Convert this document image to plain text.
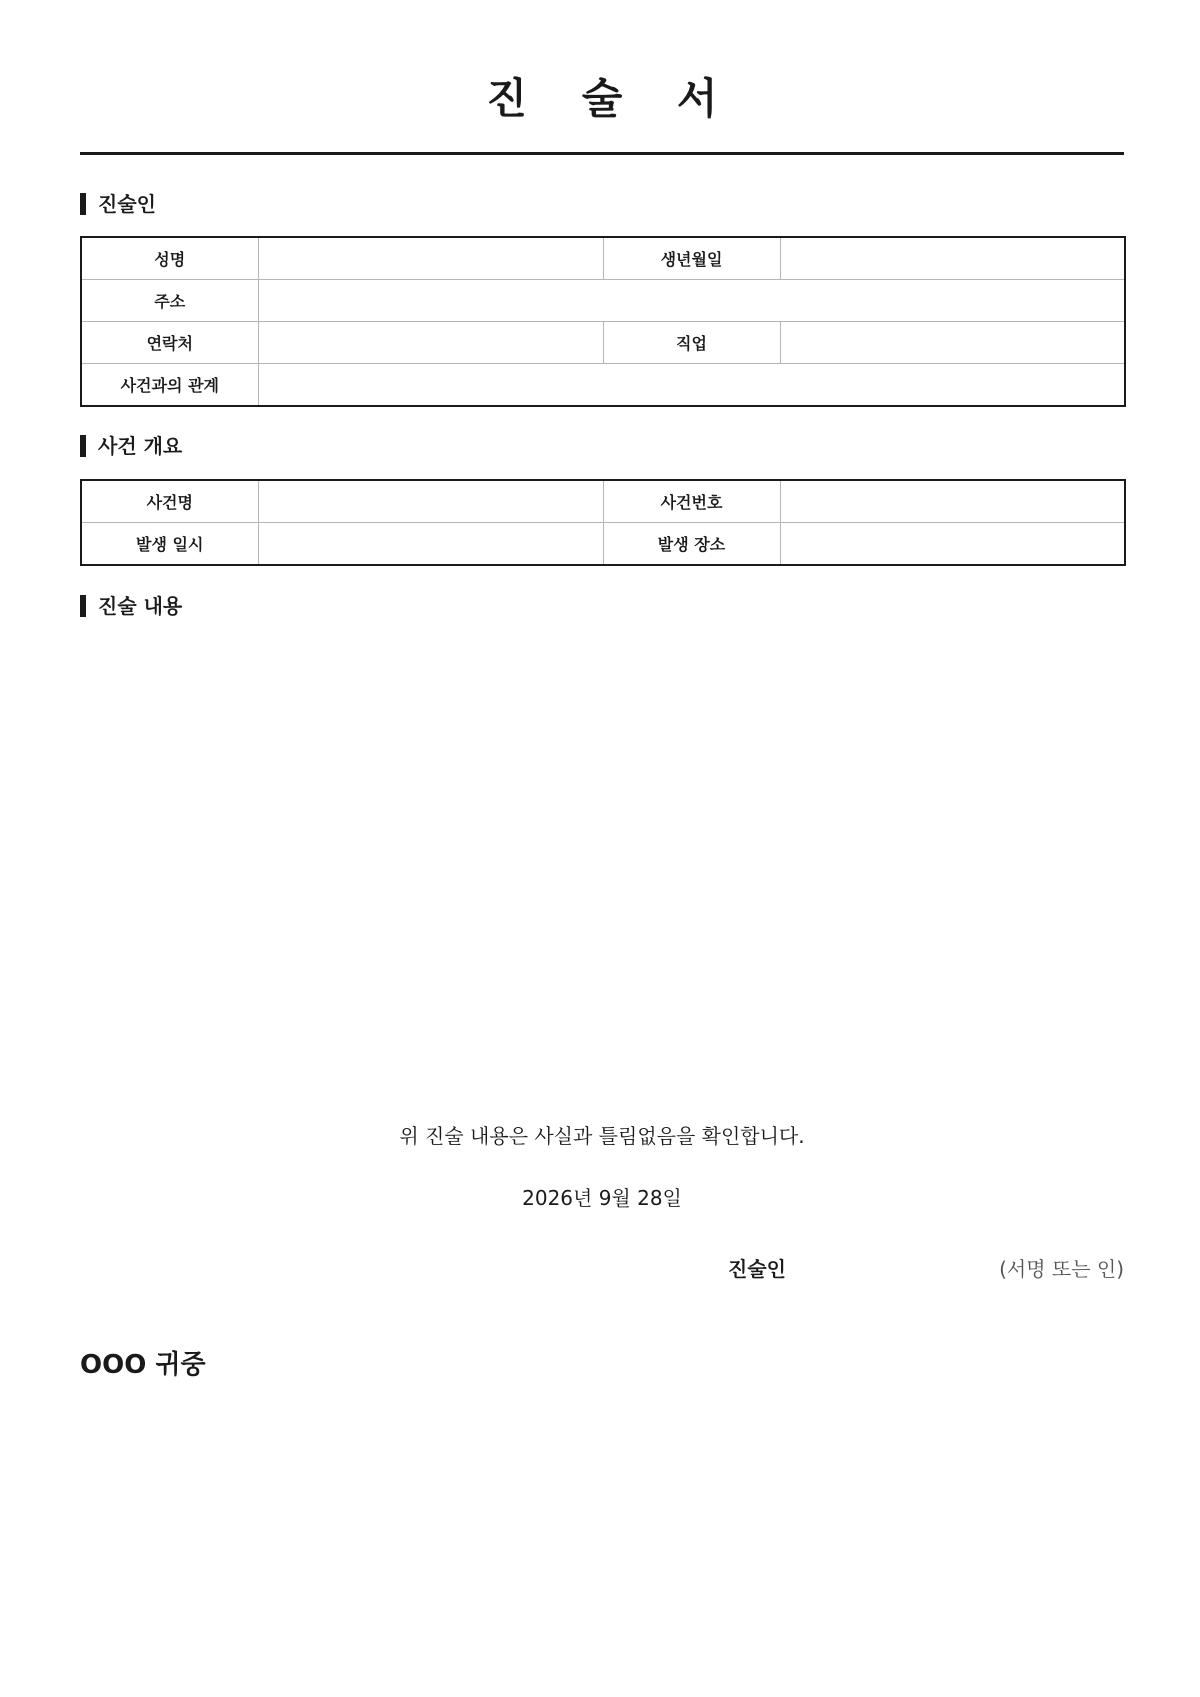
진 술 서
진술인
성명		생년월일	
주소			
연락처		직업	
사건과의 관계			
사건 개요
사건명		사건번호	
발생 일시		발생 장소	
진술 내용
위 진술 내용은 사실과 틀림없음을 확인합니다.
2026년 9월 28일
진술인	(서명 또는 인)
OOO 귀중
